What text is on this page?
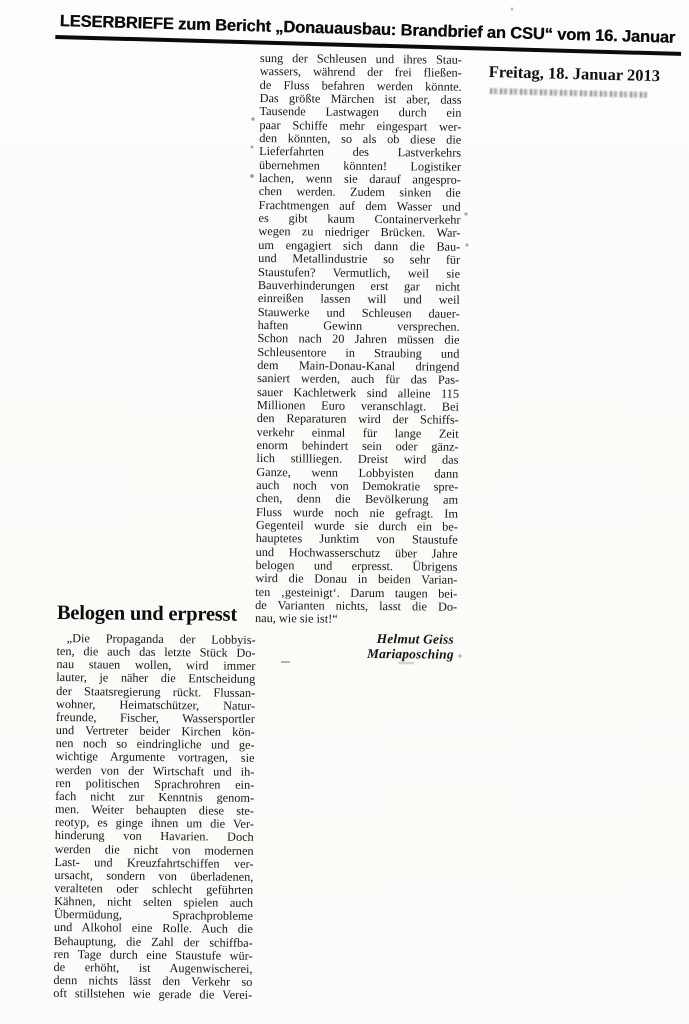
LESERBRIEFE zum Bericht „Donauausbau: Brandbrief an CSU“ vom 16. Januar
Freitag, 18. Januar 2013
sung der Schleusen und ihres Stau-
wassers, während der frei fließen-
de Fluss befahren werden könnte.
Das größte Märchen ist aber, dass
Tausende Lastwagen durch ein
paar Schiffe mehr eingespart wer-
den könnten, so als ob diese die
Lieferfahrten des Lastverkehrs
übernehmen könnten! Logistiker
lachen, wenn sie darauf angespro-
chen werden. Zudem sinken die
Frachtmengen auf dem Wasser und
es gibt kaum Containerverkehr
wegen zu niedriger Brücken. War-
um engagiert sich dann die Bau-
und Metallindustrie so sehr für
Staustufen? Vermutlich, weil sie
Bauverhinderungen erst gar nicht
einreißen lassen will und weil
Stauwerke und Schleusen dauer-
haften Gewinn versprechen.
Schon nach 20 Jahren müssen die
Schleusentore in Straubing und
dem Main-Donau-Kanal dringend
saniert werden, auch für das Pas-
sauer Kachletwerk sind alleine 115
Millionen Euro veranschlagt. Bei
den Reparaturen wird der Schiffs-
verkehr einmal für lange Zeit
enorm behindert sein oder gänz-
lich stillliegen. Dreist wird das
Ganze, wenn Lobbyisten dann
auch noch von Demokratie spre-
chen, denn die Bevölkerung am
Fluss wurde noch nie gefragt. Im
Gegenteil wurde sie durch ein be-
hauptetes Junktim von Staustufe
und Hochwasserschutz über Jahre
belogen und erpresst. Übrigens
wird die Donau in beiden Varian-
ten ‚gesteinigt‘. Darum taugen bei-
de Varianten nichts, lasst die Do-
nau, wie sie ist!“
Helmut Geiss
Mariaposching
Belogen und erpresst
„Die Propaganda der Lobbyis-
ten, die auch das letzte Stück Do-
nau stauen wollen, wird immer
lauter, je näher die Entscheidung
der Staatsregierung rückt. Flussan-
wohner, Heimatschützer, Natur-
freunde, Fischer, Wassersportler
und Vertreter beider Kirchen kön-
nen noch so eindringliche und ge-
wichtige Argumente vortragen, sie
werden von der Wirtschaft und ih-
ren politischen Sprachrohren ein-
fach nicht zur Kenntnis genom-
men. Weiter behaupten diese ste-
reotyp, es ginge ihnen um die Ver-
hinderung von Havarien. Doch
werden die nicht von modernen
Last- und Kreuzfahrtschiffen ver-
ursacht, sondern von überladenen,
veralteten oder schlecht geführten
Kähnen, nicht selten spielen auch
Übermüdung, Sprachprobleme
und Alkohol eine Rolle. Auch die
Behauptung, die Zahl der schiffba-
ren Tage durch eine Staustufe wür-
de erhöht, ist Augenwischerei,
denn nichts lässt den Verkehr so
oft stillstehen wie gerade die Verei-
